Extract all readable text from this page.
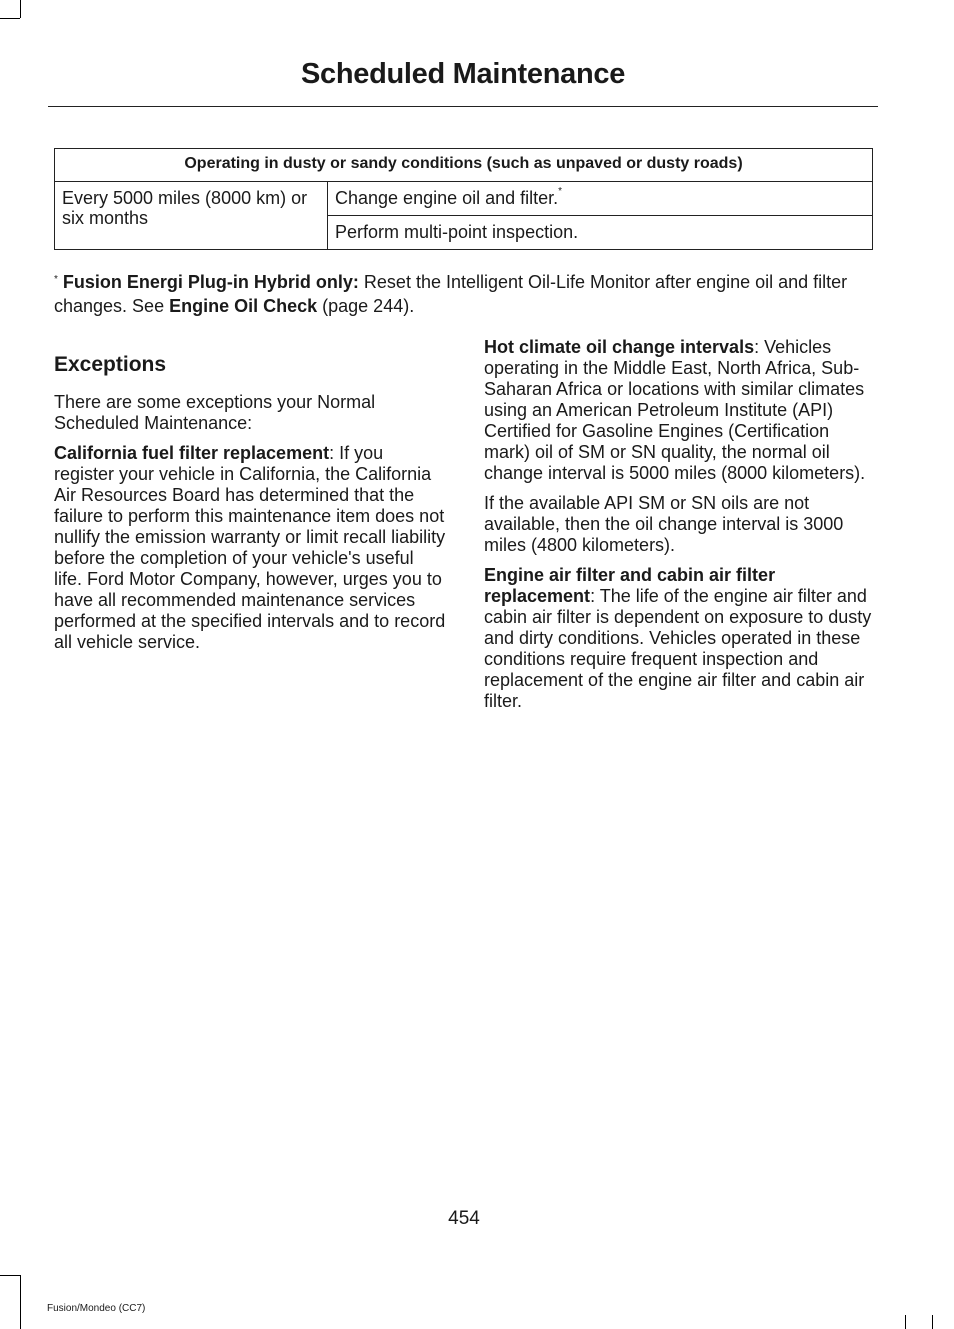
Scheduled Maintenance
Operating in dusty or sandy conditions (such as unpaved or dusty roads)
Every 5000 miles (8000 km) or six months	Change engine oil and filter.*
Perform multi-point inspection.
* Fusion Energi Plug-in Hybrid only: Reset the Intelligent Oil-Life Monitor after engine oil and filter changes. See Engine Oil Check (page 244).
Exceptions

There are some exceptions your Normal Scheduled Maintenance:

California fuel filter replacement: If you register your vehicle in California, the California Air Resources Board has determined that the failure to perform this maintenance item does not nullify the emission warranty or limit recall liability before the completion of your vehicle's useful life. Ford Motor Company, however, urges you to have all recommended maintenance services performed at the specified intervals and to record all vehicle service.

Hot climate oil change intervals: Vehicles operating in the Middle East, North Africa, Sub-Saharan Africa or locations with similar climates using an American Petroleum Institute (API) Certified for Gasoline Engines (Certification mark) oil of SM or SN quality, the normal oil change interval is 5000 miles (8000 kilometers).

If the available API SM or SN oils are not available, then the oil change interval is 3000 miles (4800 kilometers).

Engine air filter and cabin air filter replacement: The life of the engine air filter and cabin air filter is dependent on exposure to dusty and dirty conditions. Vehicles operated in these conditions require frequent inspection and replacement of the engine air filter and cabin air filter.

454
Fusion/Mondeo (CC7)
